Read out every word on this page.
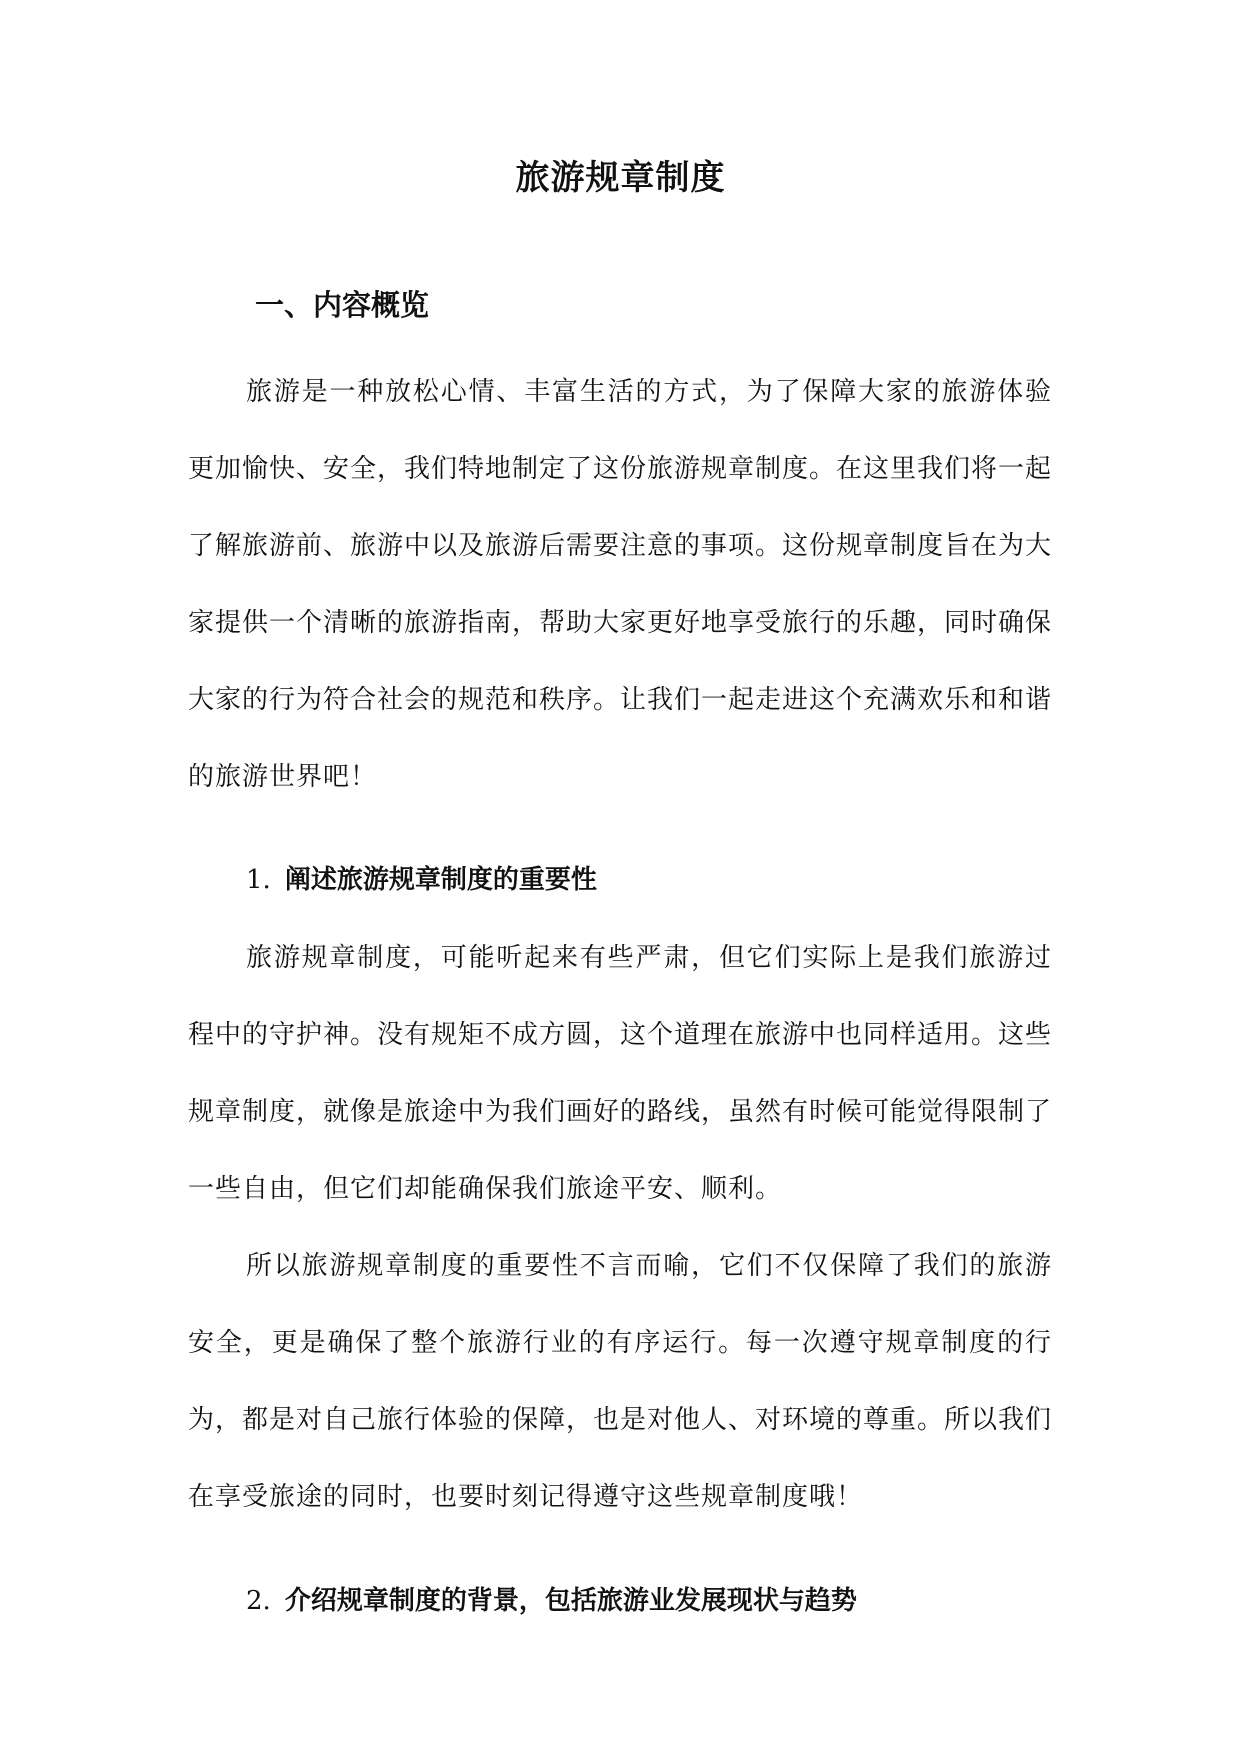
旅游规章制度
一、内容概览

旅游是一种放松心情、丰富生活的方式，为了保障大家的旅游体验更加愉快、安全，我们特地制定了这份旅游规章制度。在这里我们将一起了解旅游前、旅游中以及旅游后需要注意的事项。这份规章制度旨在为大家提供一个清晰的旅游指南，帮助大家更好地享受旅行的乐趣，同时确保大家的行为符合社会的规范和秩序。让我们一起走进这个充满欢乐和和谐的旅游世界吧！

1. 阐述旅游规章制度的重要性

旅游规章制度，可能听起来有些严肃，但它们实际上是我们旅游过程中的守护神。没有规矩不成方圆，这个道理在旅游中也同样适用。这些规章制度，就像是旅途中为我们画好的路线，虽然有时候可能觉得限制了一些自由，但它们却能确保我们旅途平安、顺利。

所以旅游规章制度的重要性不言而喻，它们不仅保障了我们的旅游安全，更是确保了整个旅游行业的有序运行。每一次遵守规章制度的行为，都是对自己旅行体验的保障，也是对他人、对环境的尊重。所以我们在享受旅途的同时，也要时刻记得遵守这些规章制度哦！

2. 介绍规章制度的背景，包括旅游业发展现状与趋势
